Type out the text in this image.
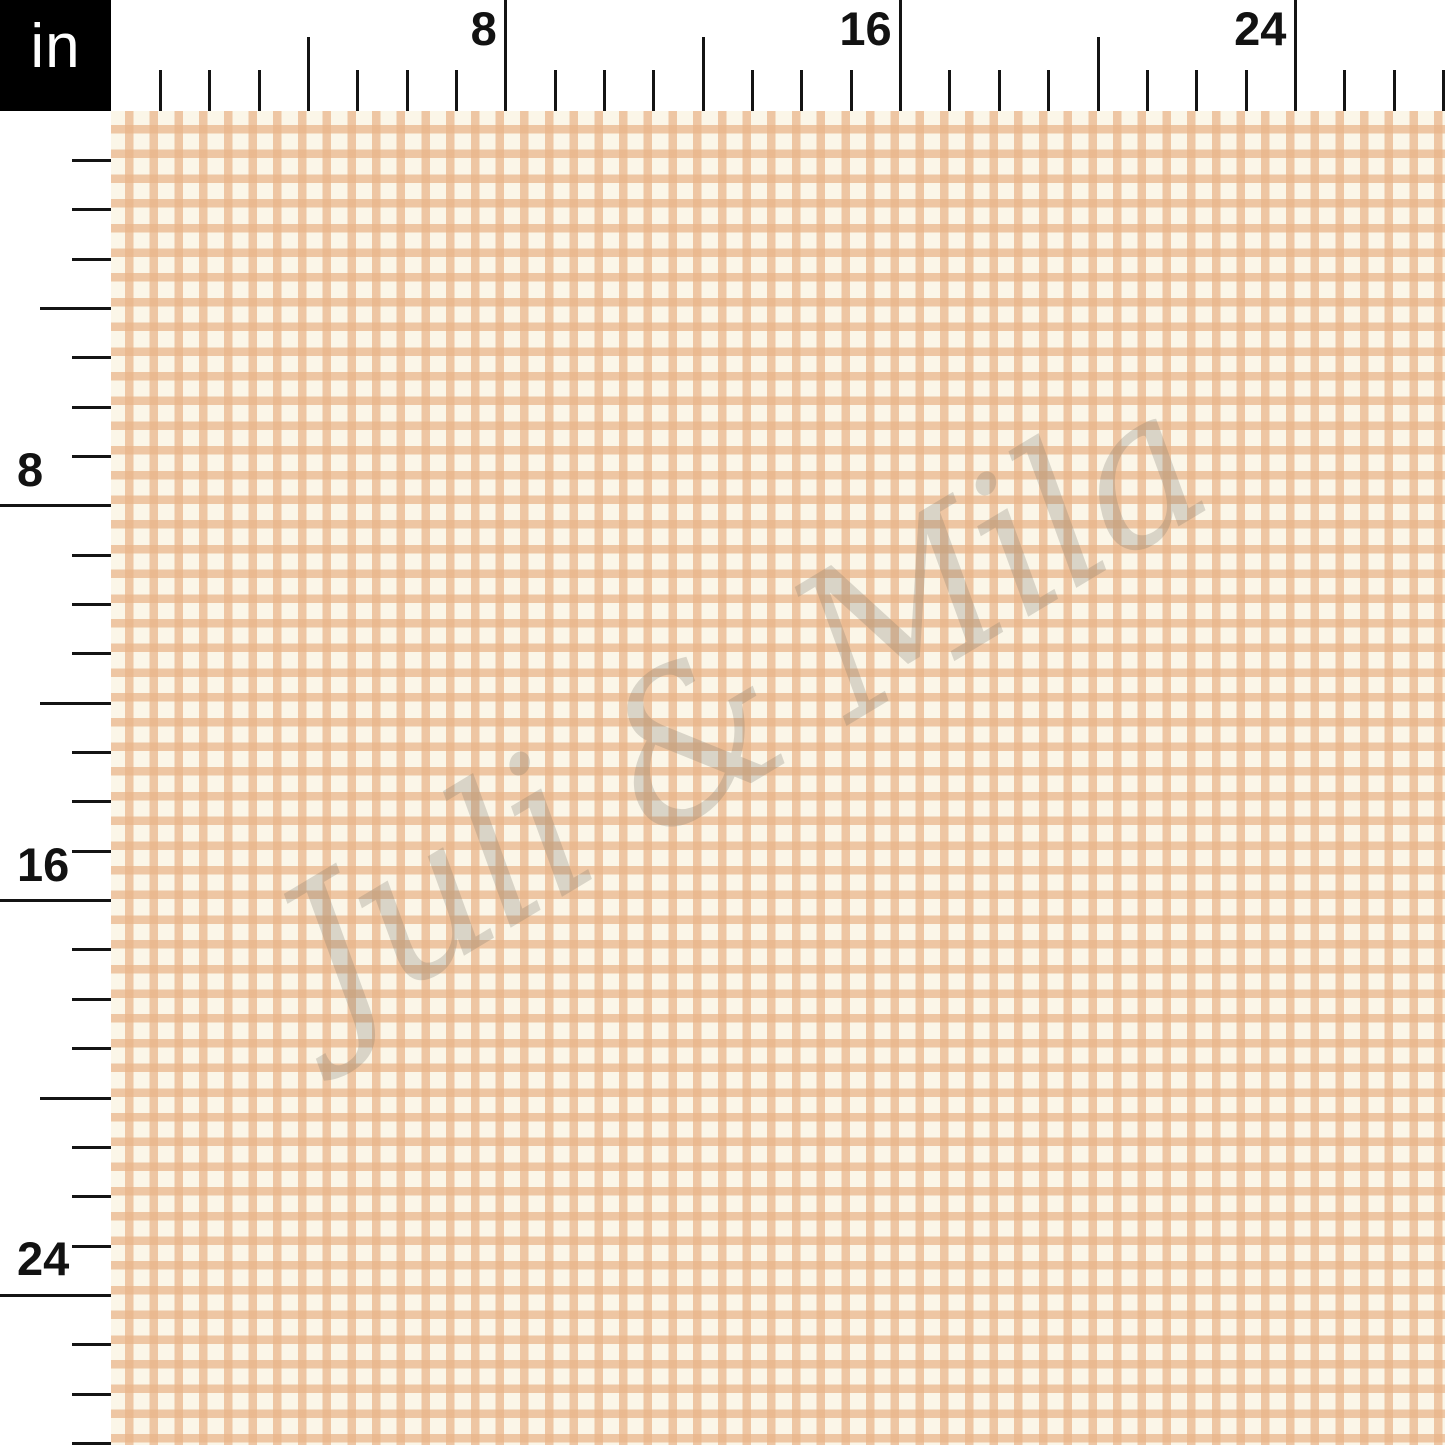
Juli & Mila
8	16	24
8
16
24
in
